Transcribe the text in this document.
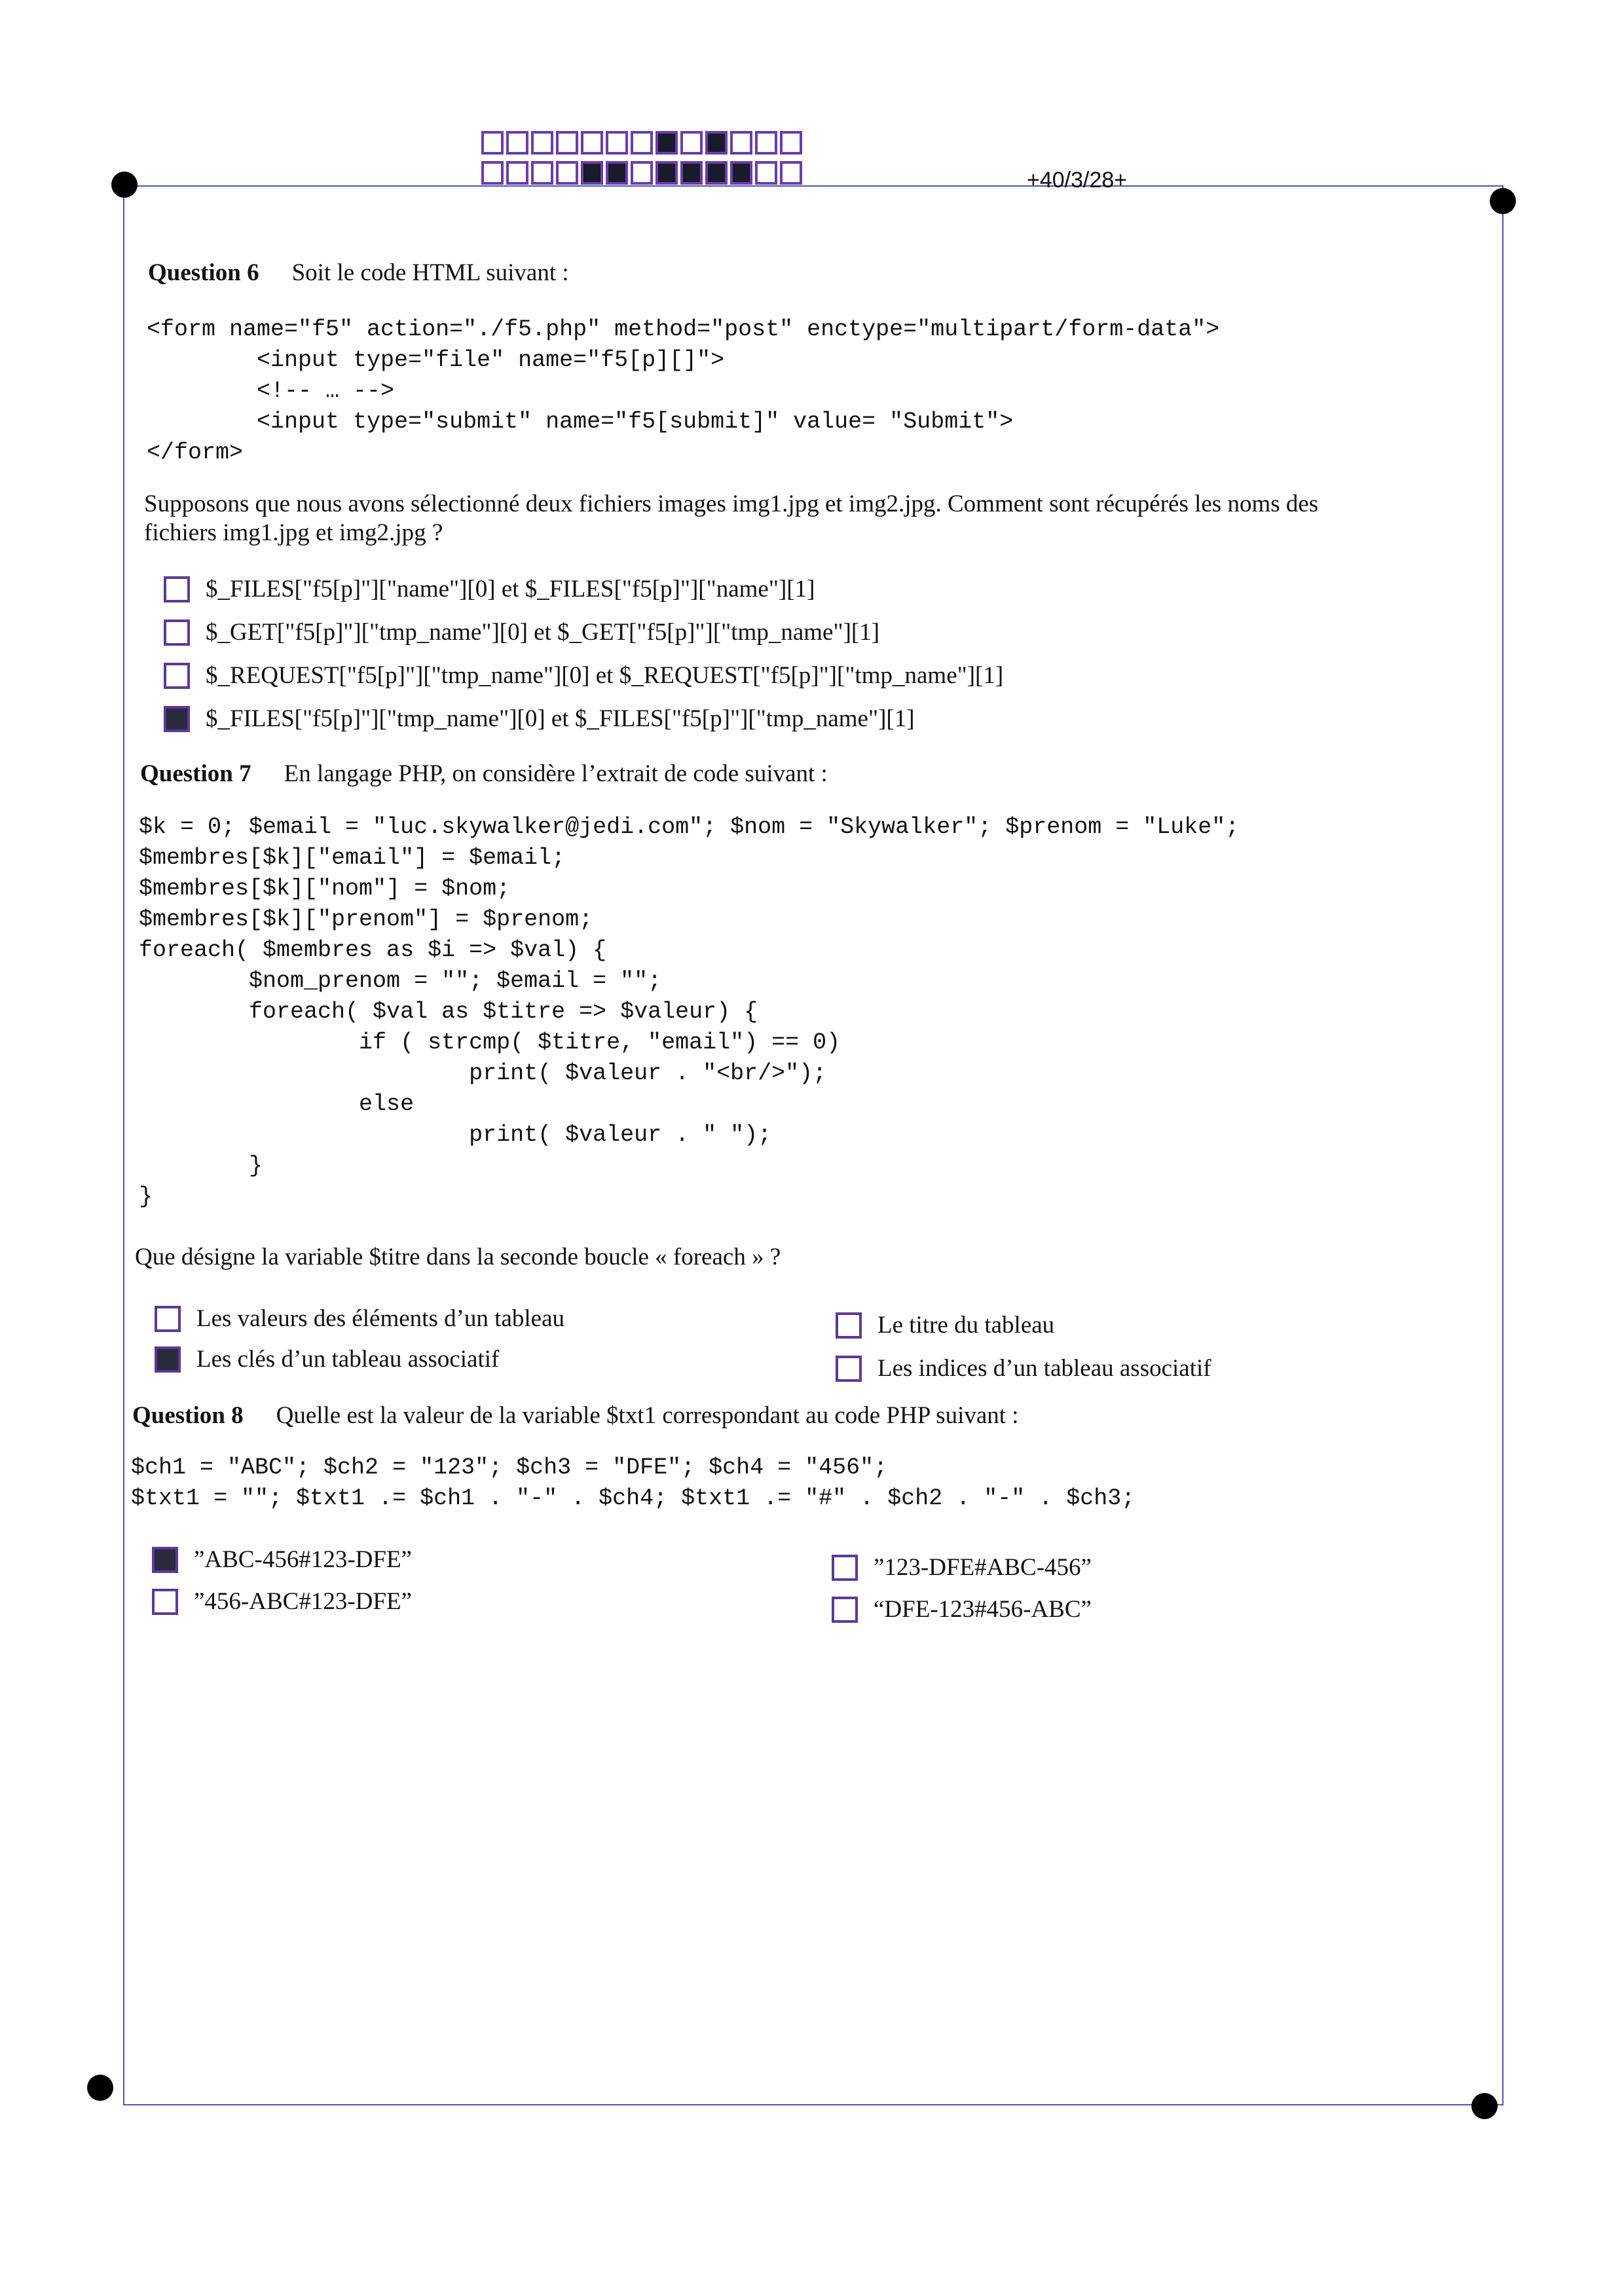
+40/3/28+
Question 6 Soit le code HTML suivant :
<form name="f5" action="./f5.php" method="post" enctype="multipart/form-data">
<input type="file" name="f5[p][]">
<!-- … -->
<input type="submit" name="f5[submit]" value= "Submit">
</form>
Supposons que nous avons sélectionné deux fichiers images img1.jpg et img2.jpg. Comment sont récupérés les noms des
fichiers img1.jpg et img2.jpg ?
$_FILES["f5[p]"]["name"][0] et $_FILES["f5[p]"]["name"][1]
$_GET["f5[p]"]["tmp_name"][0] et $_GET["f5[p]"]["tmp_name"][1]
$_REQUEST["f5[p]"]["tmp_name"][0] et $_REQUEST["f5[p]"]["tmp_name"][1]
$_FILES["f5[p]"]["tmp_name"][0] et $_FILES["f5[p]"]["tmp_name"][1]
Question 7 En langage PHP, on considère l’extrait de code suivant :
$k = 0; $email = "luc.skywalker@jedi.com"; $nom = "Skywalker"; $prenom = "Luke";
$membres[$k]["email"] = $email;
$membres[$k]["nom"] = $nom;
$membres[$k]["prenom"] = $prenom;
foreach( $membres as $i => $val) {
$nom_prenom = ""; $email = "";
foreach( $val as $titre => $valeur) {
if ( strcmp( $titre, "email") == 0)
print( $valeur . "<br/>");
else
print( $valeur . " ");
}
}
Que désigne la variable $titre dans la seconde boucle « foreach » ?
Les valeurs des éléments d’un tableau
Les clés d’un tableau associatif
Le titre du tableau
Les indices d’un tableau associatif
Question 8 Quelle est la valeur de la variable $txt1 correspondant au code PHP suivant :
$ch1 = "ABC"; $ch2 = "123"; $ch3 = "DFE"; $ch4 = "456";
$txt1 = ""; $txt1 .= $ch1 . "-" . $ch4; $txt1 .= "#" . $ch2 . "-" . $ch3;
”ABC-456#123-DFE”
”456-ABC#123-DFE”
”123-DFE#ABC-456”
“DFE-123#456-ABC”
